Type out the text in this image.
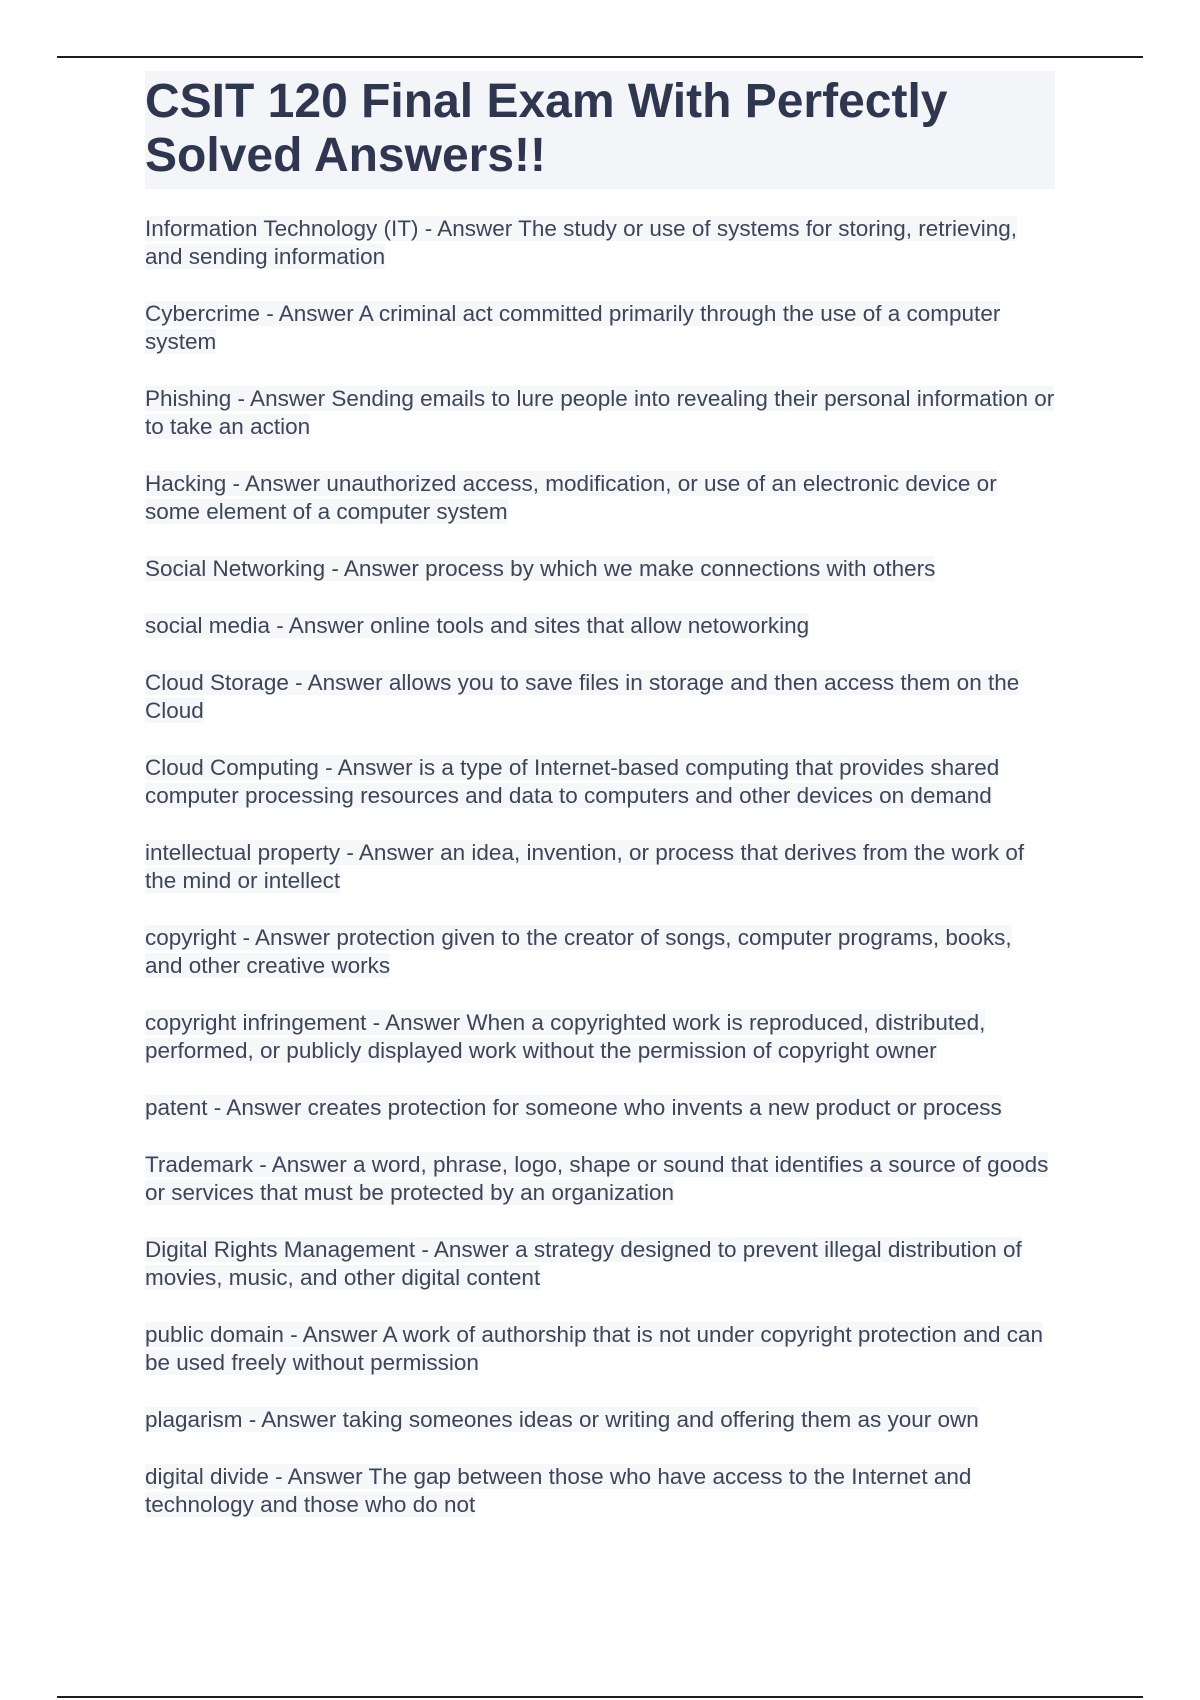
CSIT 120 Final Exam With Perfectly Solved Answers!!

Information Technology (IT) - Answer The study or use of systems for storing, retrieving, and sending information

Cybercrime - Answer A criminal act committed primarily through the use of a computer system

Phishing - Answer Sending emails to lure people into revealing their personal information or to take an action

Hacking - Answer unauthorized access, modification, or use of an electronic device or some element of a computer system

Social Networking - Answer process by which we make connections with others

social media - Answer online tools and sites that allow netoworking

Cloud Storage - Answer allows you to save files in storage and then access them on the Cloud

Cloud Computing - Answer is a type of Internet-based computing that provides shared computer processing resources and data to computers and other devices on demand

intellectual property - Answer an idea, invention, or process that derives from the work of the mind or intellect

copyright - Answer protection given to the creator of songs, computer programs, books, and other creative works

copyright infringement - Answer When a copyrighted work is reproduced, distributed, performed, or publicly displayed work without the permission of copyright owner

patent - Answer creates protection for someone who invents a new product or process

Trademark - Answer a word, phrase, logo, shape or sound that identifies a source of goods or services that must be protected by an organization

Digital Rights Management - Answer a strategy designed to prevent illegal distribution of movies, music, and other digital content

public domain - Answer A work of authorship that is not under copyright protection and can be used freely without permission

plagarism - Answer taking someones ideas or writing and offering them as your own

digital divide - Answer The gap between those who have access to the Internet and technology and those who do not
